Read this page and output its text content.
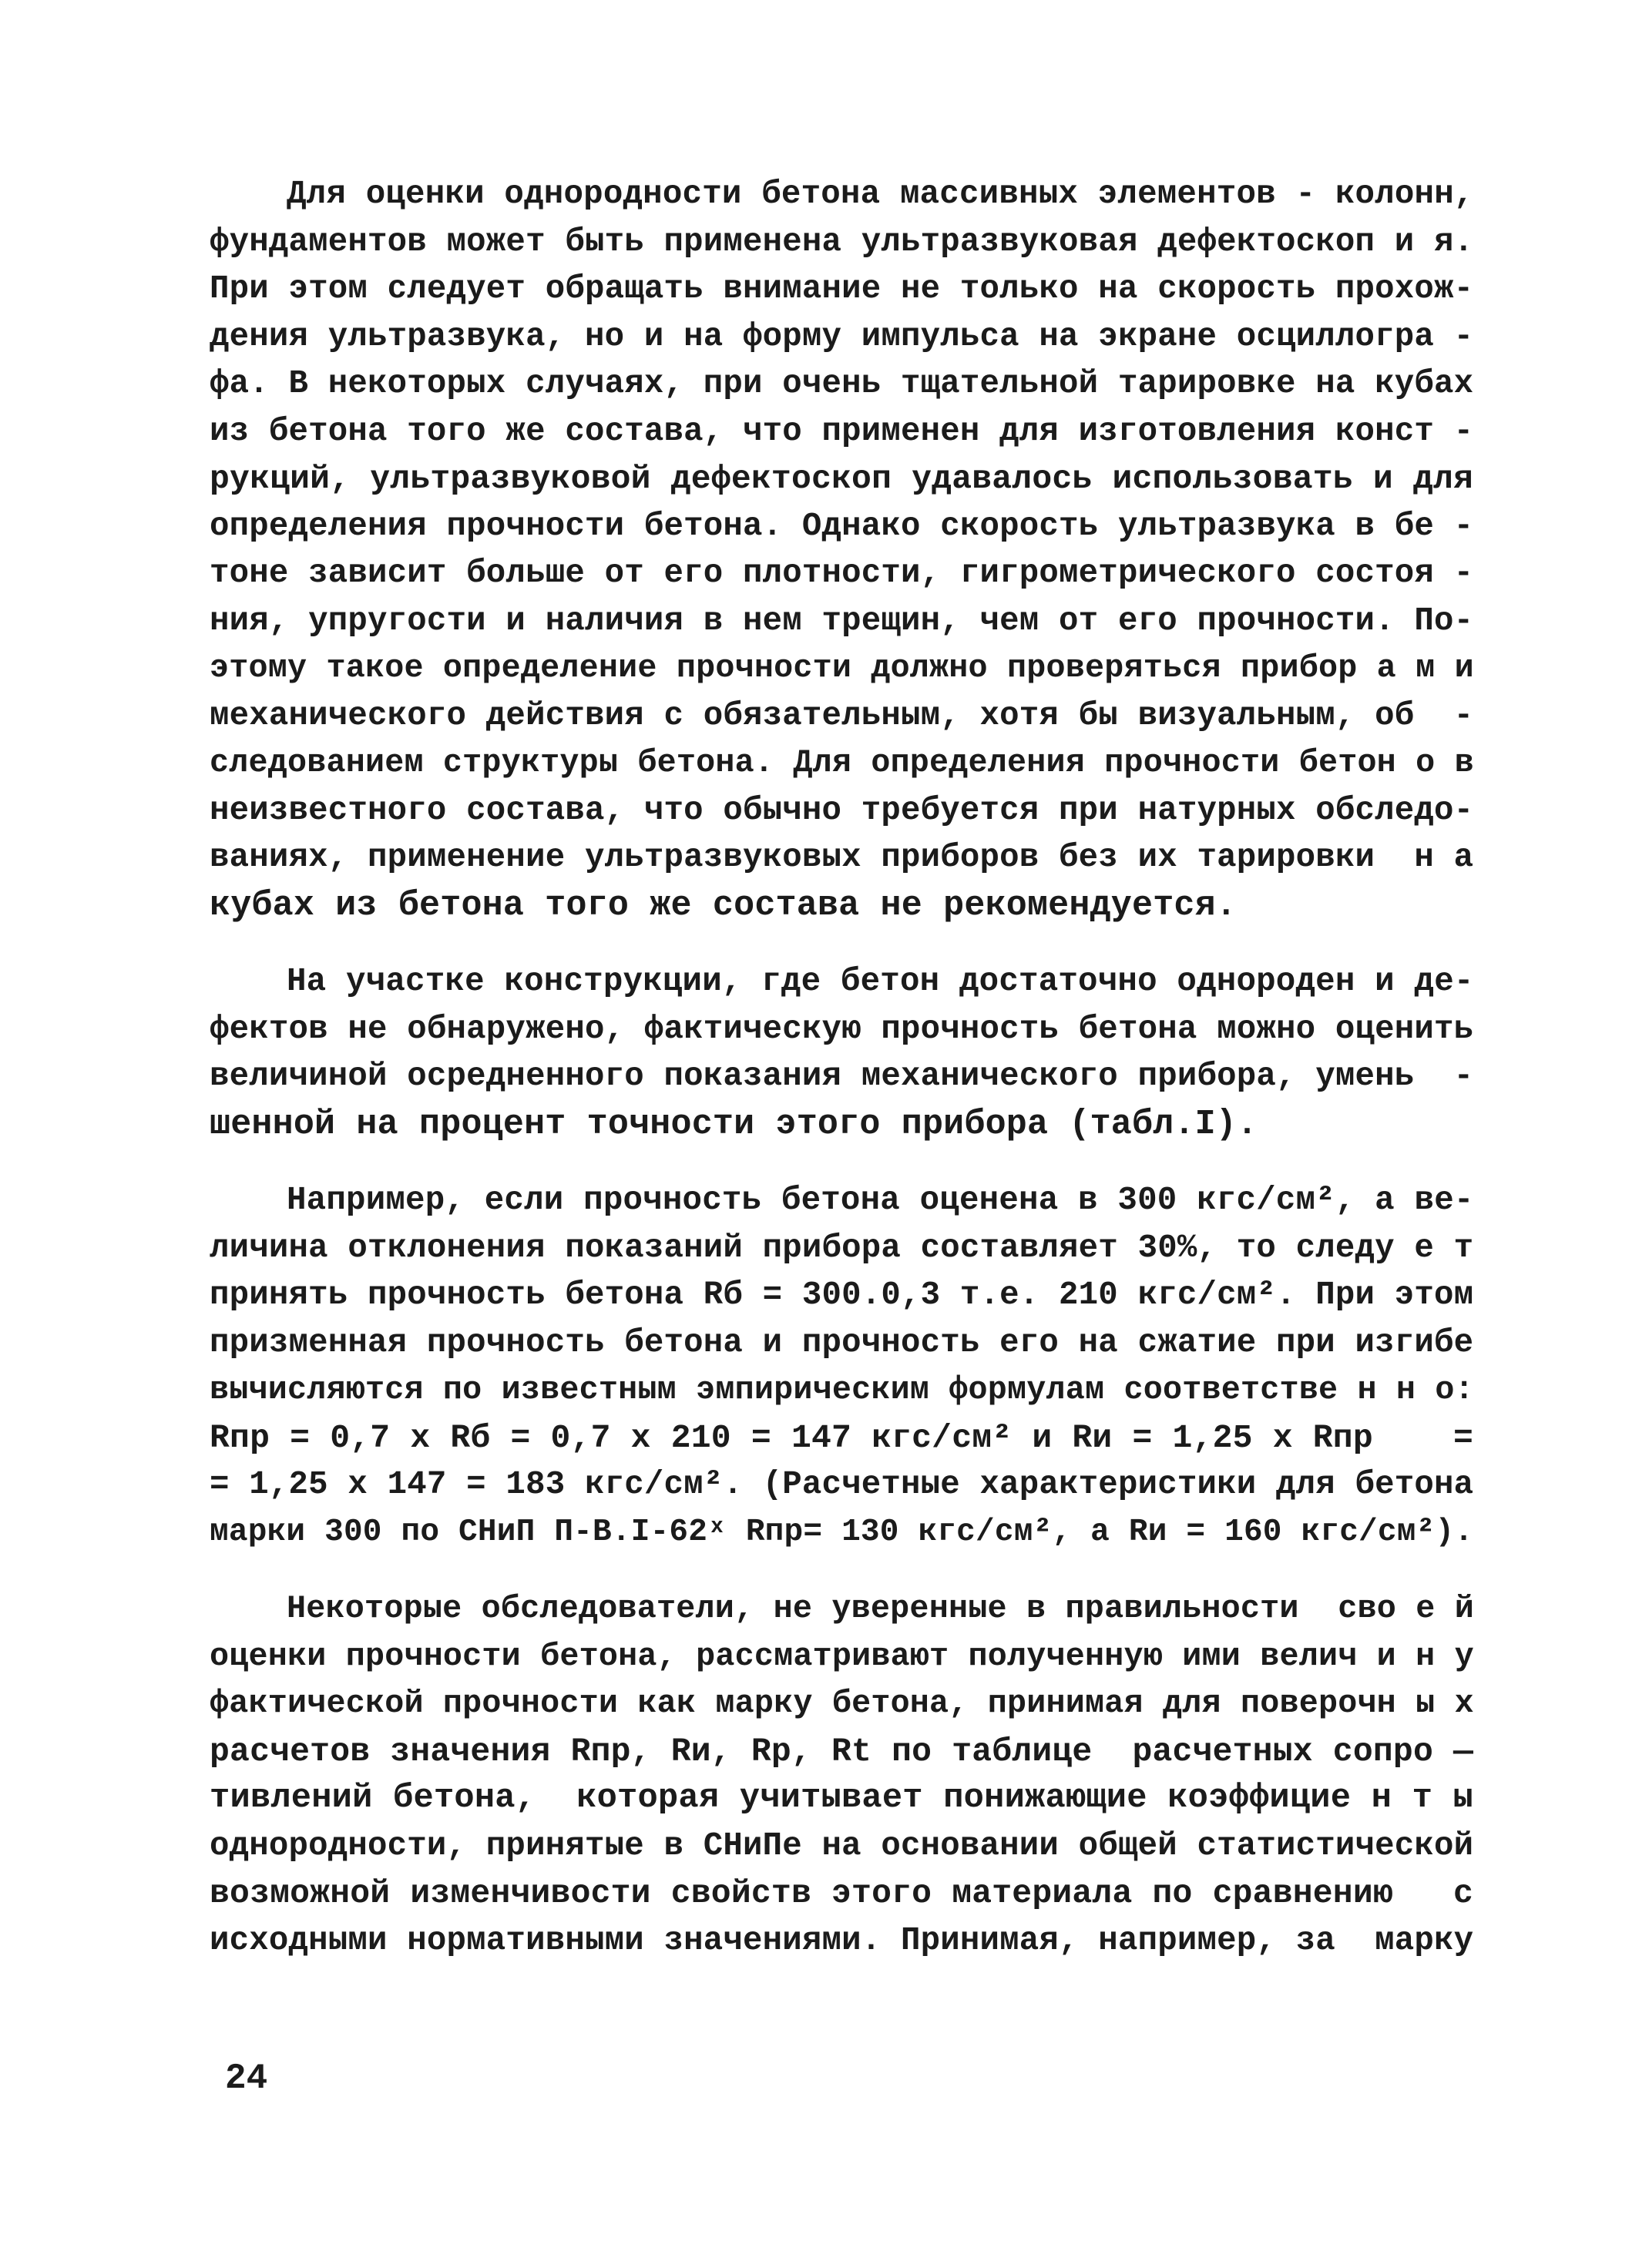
Для оценки однородности бетона массивных элементов - колонн,
фундаментов может быть применена ультразвуковая дефектоскоп и я.
При этом следует обращать внимание не только на скорость прохож-
дения ультразвука, но и на форму импульса на экране осциллогра -
фа. В некоторых случаях, при очень тщательной тарировке на кубах
из бетона того же состава, что применен для изготовления конст -
рукций, ультразвуковой дефектоскоп удавалось использовать и для
определения прочности бетона. Однако скорость ультразвука в бе -
тоне зависит больше от его плотности, гигрометрического состоя -
ния, упругости и наличия в нем трещин, чем от его прочности. По-
этому такое определение прочности должно проверяться прибор а м и
механического действия с обязательным, хотя бы визуальным, об  -
следованием структуры бетона. Для определения прочности бетон о в
неизвестного состава, что обычно требуется при натурных обследо-
ваниях, применение ультразвуковых приборов без их тарировки  н а
кубах из бетона того же состава не рекомендуется.
На участке конструкции, где бетон достаточно однороден и де-
фектов не обнаружено, фактическую прочность бетона можно оценить
величиной осредненного показания механического прибора, умень  -
шенной на процент точности этого прибора (табл.I).
Например, если прочность бетона оценена в 300 кгс/см², а ве-
личина отклонения показаний прибора составляет 30%, то следу е т
принять прочность бетона Rб = 300.0,3 т.е. 210 кгс/см². При этом
призменная прочность бетона и прочность его на сжатие при изгибе
вычисляются по известным эмпирическим формулам соответстве н н о:
Rпр = 0,7 х Rб = 0,7 х 210 = 147 кгс/см² и Rи = 1,25 х Rпр    =
= 1,25 х 147 = 183 кгс/см². (Расчетные характеристики для бетона
марки 300 по СНиП П-В.I-62ˣ Rпр= 130 кгс/см², а Rи = 160 кгс/см²).
Некоторые обследователи, не уверенные в правильности  сво е й
оценки прочности бетона, рассматривают полученную ими велич и н у
фактической прочности как марку бетона, принимая для поверочн ы х
расчетов значения Rпр, Rи, Rр, Rt по таблице  расчетных сопро —
тивлений бетона,  которая учитывает понижающие коэффицие н т ы
однородности, принятые в СНиПе на основании общей статистической
возможной изменчивости свойств этого материала по сравнению   с
исходными нормативными значениями. Принимая, например, за  марку
24
